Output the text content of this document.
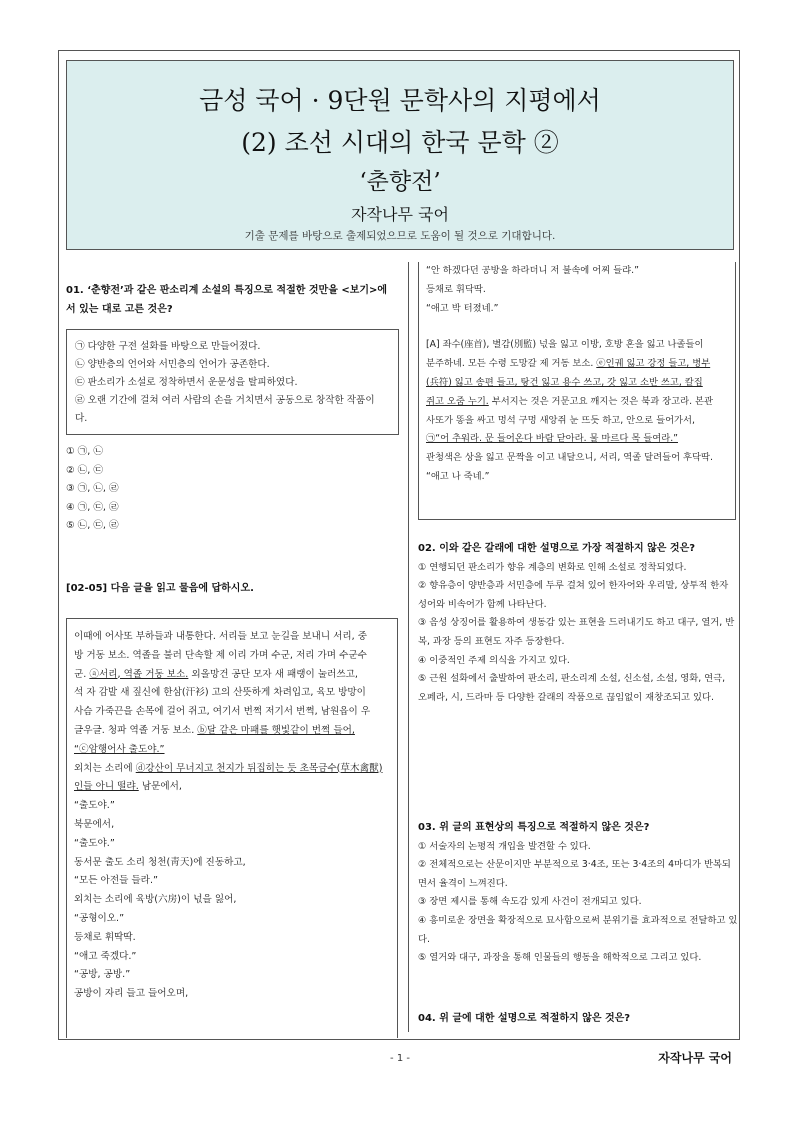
금성 국어 · 9단원 문학사의 지평에서
(2) 조선 시대의 한국 문학 ②
‘춘향전’
자작나무 국어
기출 문제를 바탕으로 출제되었으므로 도움이 될 것으로 기대합니다.
01. ‘춘향전’과 같은 판소리계 소설의 특징으로 적절한 것만을 <보기>에
서 있는 대로 고른 것은?
㉠ 다양한 구전 설화를 바탕으로 만들어졌다.
㉡ 양반층의 언어와 서민층의 언어가 공존한다.
㉢ 판소리가 소설로 정착하면서 운문성을 탈피하였다.
㉣ 오랜 기간에 걸쳐 여러 사람의 손을 거치면서 공동으로 창작한 작품이
다.
① ㉠, ㉡
② ㉡, ㉢
③ ㉠, ㉡, ㉣
④ ㉠, ㉢, ㉣
⑤ ㉡, ㉢, ㉣
[02-05] 다음 글을 읽고 물음에 답하시오.
이때에 어사또 부하들과 내통한다. 서리들 보고 눈길을 보내니 서리, 중
방 거동 보소. 역졸을 불러 단속할 제 이리 가며 수군, 저리 가며 수군수
군. ⓐ서리, 역졸 거동 보소. 외올망건 공단 모자 새 패랭이 눌러쓰고,
석 자 감발 새 짚신에 한삼(汗衫) 고의 산뜻하게 차려입고, 육모 방망이
사슴 가죽끈을 손목에 걸어 쥐고, 여기서 번쩍 저기서 번쩍, 남원읍이 우
글우글. 청파 역졸 거동 보소. ⓑ달 같은 마패를 햇빛같이 번쩍 들어,
“ⓒ암행어사 출도야.”
외치는 소리에 ⓓ강산이 무너지고 천지가 뒤집히는 듯 초목금수(草木禽獸)
인들 아니 떨랴. 남문에서,
“출도야.”
북문에서,
“출도야.”
동서문 출도 소리 청천(靑天)에 진동하고,
“모든 아전들 들라.”
외치는 소리에 육방(六房)이 넋을 잃어,
“공형이오.”
등채로 휘딱딱.
“애고 죽겠다.”
“공방, 공방.”
공방이 자리 들고 들어오며,
“안 하겠다던 공방을 하라더니 저 불속에 어찌 들랴.”
등채로 휘닥딱.
“애고 박 터졌네.”
[A] 좌수(座首), 별감(別監) 넋을 잃고 이방, 호방 혼을 잃고 나졸들이
분주하네. 모든 수령 도망갈 제 거동 보소. ⓔ인궤 잃고 강정 들고, 병부
(兵符) 잃고 송편 들고, 탕건 잃고 용수 쓰고, 갓 잃고 소반 쓰고, 칼집
쥐고 오줌 누기. 부서지는 것은 거문고요 깨지는 것은 북과 장고라. 본관
사또가 똥을 싸고 멍석 구멍 새앙쥐 눈 뜨듯 하고, 안으로 들어가서,
㉠“어 추워라. 문 들어온다 바람 닫아라. 물 마르다 목 들여라.”
관청색은 상을 잃고 문짝을 이고 내달으니, 서리, 역졸 달려들어 후닥딱.
“애고 나 죽네.”
02. 이와 같은 갈래에 대한 설명으로 가장 적절하지 않은 것은?
① 연행되던 판소리가 향유 계층의 변화로 인해 소설로 정착되었다.
② 향유층이 양반층과 서민층에 두루 걸쳐 있어 한자어와 우리말, 상투적 한자
성어와 비속어가 함께 나타난다.
③ 음성 상징어를 활용하여 생동감 있는 표현을 드러내기도 하고 대구, 열거, 반
복, 과장 등의 표현도 자주 등장한다.
④ 이중적인 주제 의식을 가지고 있다.
⑤ 근원 설화에서 출발하여 판소리, 판소리계 소설, 신소설, 소설, 영화, 연극,
오페라, 시, 드라마 등 다양한 갈래의 작품으로 끊임없이 재창조되고 있다.
03. 위 글의 표현상의 특징으로 적절하지 않은 것은?
① 서술자의 논평적 개입을 발견할 수 있다.
② 전체적으로는 산문이지만 부분적으로 3·4조, 또는 3·4조의 4마디가 반복되
면서 율격이 느껴진다.
③ 장면 제시를 통해 속도감 있게 사건이 전개되고 있다.
④ 흥미로운 장면을 확장적으로 묘사함으로써 분위기를 효과적으로 전달하고 있
다.
⑤ 열거와 대구, 과장을 통해 인물들의 행동을 해학적으로 그리고 있다.
04. 위 글에 대한 설명으로 적절하지 않은 것은?
- 1 -	자작나무 국어
